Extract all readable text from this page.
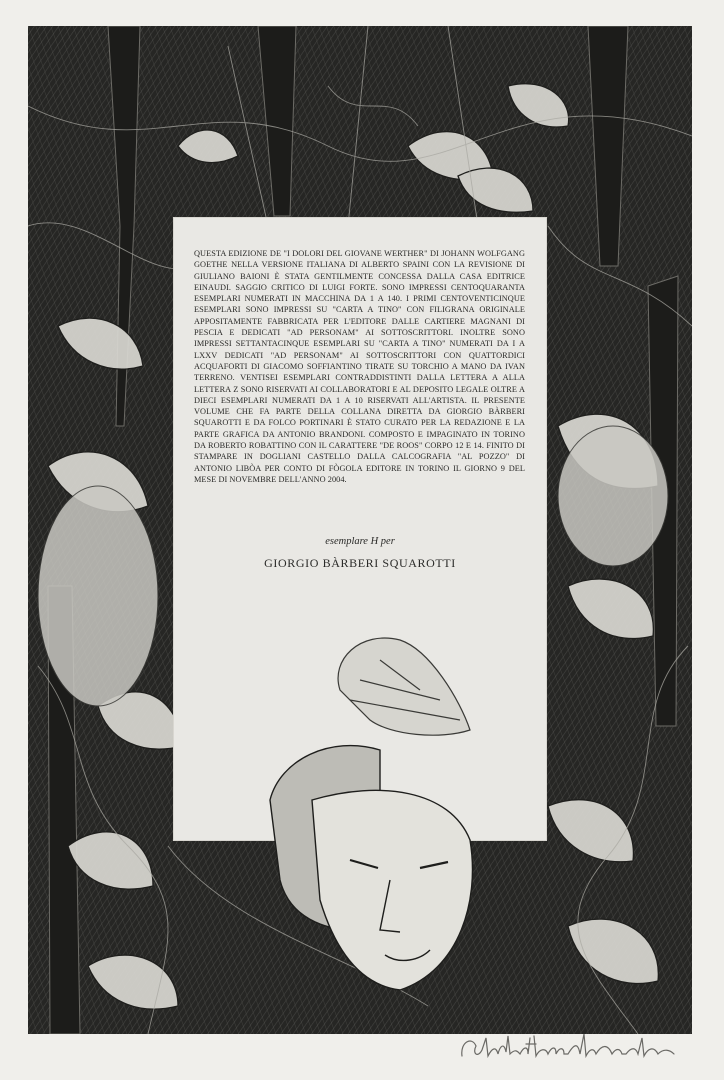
QUESTA EDIZIONE DE "I DOLORI DEL GIOVANE WERTHER" DI JOHANN WOLFGANG GOETHE NELLA VERSIONE ITALIANA DI ALBERTO SPAINI CON LA REVISIONE DI GIULIANO BAIONI È STATA GENTILMENTE CONCESSA DALLA CASA EDITRICE EINAUDI. SAGGIO CRITICO DI LUIGI FORTE. SONO IMPRESSI CENTOQUARANTA ESEMPLARI NUMERATI IN MACCHINA DA 1 A 140. I PRIMI CENTOVENTICINQUE ESEMPLARI SONO IMPRESSI SU "CARTA A TINO" CON FILIGRANA ORIGINALE APPOSITAMENTE FABBRICATA PER L'EDITORE DALLE CARTIERE MAGNANI DI PESCIA E DEDICATI "AD PERSONAM" AI SOTTOSCRITTORI. INOLTRE SONO IMPRESSI SETTANTACINQUE ESEMPLARI SU "CARTA A TINO" NUMERATI DA I A LXXV DEDICATI "AD PERSONAM" AI SOTTOSCRITTORI CON QUATTORDICI ACQUAFORTI DI GIACOMO SOFFIANTINO TIRATE SU TORCHIO A MANO DA IVAN TERRENO. VENTISEI ESEMPLARI CONTRADDISTINTI DALLA LETTERA A ALLA LETTERA Z SONO RISERVATI AI COLLABORATORI E AL DEPOSITO LEGALE OLTRE A DIECI ESEMPLARI NUMERATI DA 1 A 10 RISERVATI ALL'ARTISTA. IL PRESENTE VOLUME CHE FA PARTE DELLA COLLANA DIRETTA DA GIORGIO BÀRBERI SQUAROTTI E DA FOLCO PORTINARI È STATO CURATO PER LA REDAZIONE E LA PARTE GRAFICA DA ANTONIO BRANDONI. COMPOSTO E IMPAGINATO IN TORINO DA ROBERTO ROBATTINO CON IL CARATTERE "DE ROOS" CORPO 12 E 14. FINITO DI STAMPARE IN DOGLIANI CASTELLO DALLA CALCOGRAFIA "AL POZZO" DI ANTONIO LIBÒA PER CONTO DI FÒGOLA EDITORE IN TORINO IL GIORNO 9 DEL MESE DI NOVEMBRE DELL'ANNO 2004.

esemplare H per
GIORGIO BÀRBERI SQUAROTTI
